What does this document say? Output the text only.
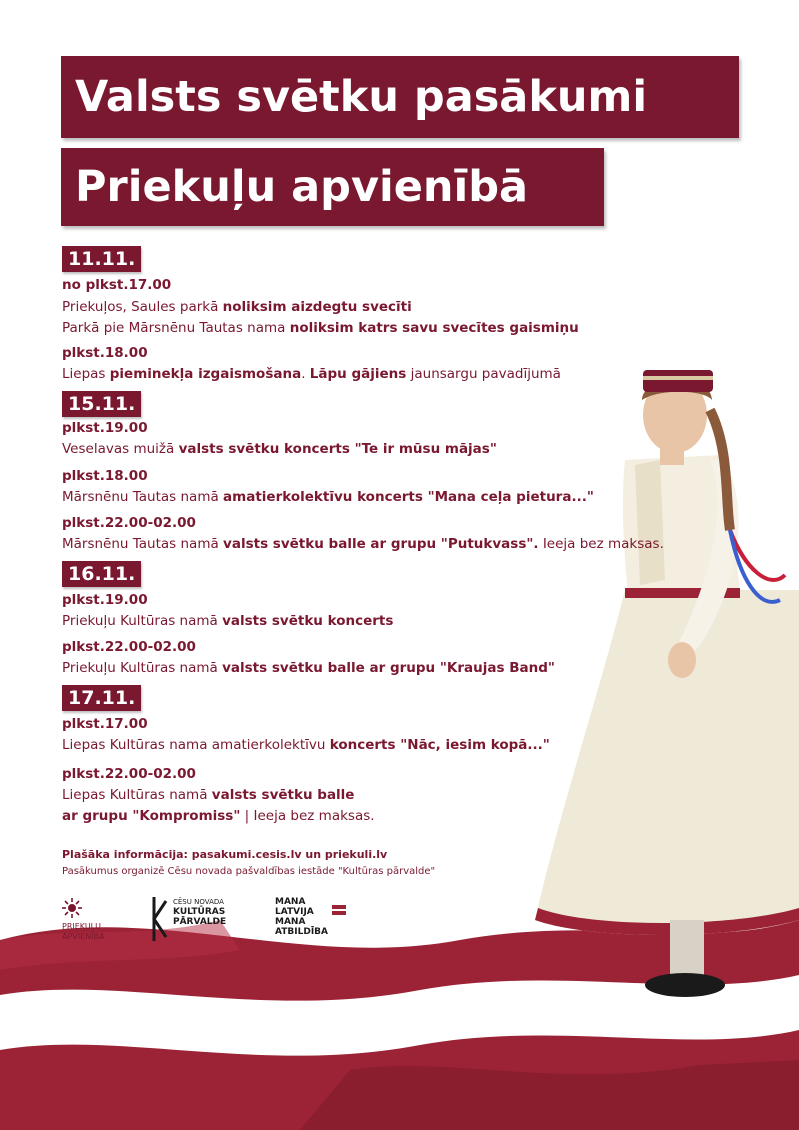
Valsts svētku pasākumi
Priekuļu apvienībā
11.11.
no plkst.17.00
Priekuļos, Saules parkā noliksim aizdegtu svecīti
Parkā pie Mārsnēnu Tautas nama noliksim katrs savu svecītes gaismiņu
plkst.18.00
Liepas pieminekļa izgaismošana. Lāpu gājiens jaunsargu pavadījumā
15.11.
plkst.19.00
Veselavas muižā valsts svētku koncerts "Te ir mūsu mājas"
plkst.18.00
Mārsnēnu Tautas namā amatierkolektīvu koncerts "Mana ceļa pietura..."
plkst.22.00-02.00
Mārsnēnu Tautas namā valsts svētku balle ar grupu "Putukvass". Ieeja bez maksas.
16.11.
plkst.19.00
Priekuļu Kultūras namā valsts svētku koncerts
plkst.22.00-02.00
Priekuļu Kultūras namā valsts svētku balle ar grupu "Kraujas Band"
17.11.
plkst.17.00
Liepas Kultūras nama amatierkolektīvu koncerts "Nāc, iesim kopā..."
plkst.22.00-02.00
Liepas Kultūras namā valsts svētku balle
ar grupu "Kompromiss" | Ieeja bez maksas.
Plašāka informācija: pasakumi.cesis.lv un priekuli.lv
Pasākumus organizē Cēsu novada pašvaldības iestāde "Kultūras pārvalde"
PRIEKUĻU
APVIENĪBA
CĒSU NOVADA
KULTŪRAS
PĀRVALDE
MANA
LATVIJA
MANA
ATBILDĪBA
